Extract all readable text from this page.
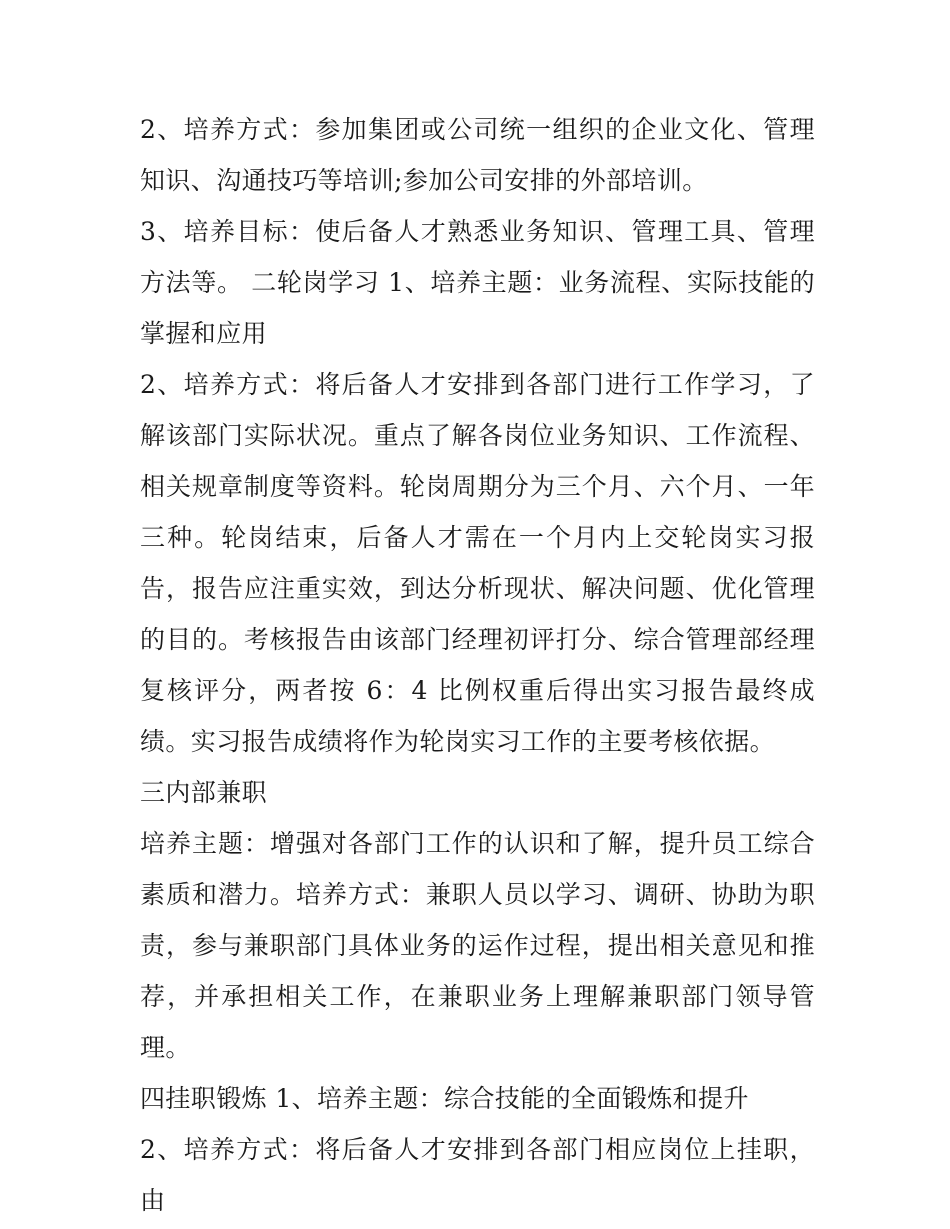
2、培养方式：参加集团或公司统一组织的企业文化、管理知识、沟通技巧等培训;参加公司安排的外部培训。

3、培养目标：使后备人才熟悉业务知识、管理工具、管理方法等。 二轮岗学习 1、培养主题：业务流程、实际技能的掌握和应用

2、培养方式：将后备人才安排到各部门进行工作学习，了解该部门实际状况。重点了解各岗位业务知识、工作流程、相关规章制度等资料。轮岗周期分为三个月、六个月、一年三种。轮岗结束，后备人才需在一个月内上交轮岗实习报告，报告应注重实效，到达分析现状、解决问题、优化管理的目的。考核报告由该部门经理初评打分、综合管理部经理复核评分，两者按 6：4 比例权重后得出实习报告最终成绩。实习报告成绩将作为轮岗实习工作的主要考核依据。

三内部兼职

培养主题：增强对各部门工作的认识和了解，提升员工综合素质和潜力。培养方式：兼职人员以学习、调研、协助为职责，参与兼职部门具体业务的运作过程，提出相关意见和推荐，并承担相关工作，在兼职业务上理解兼职部门领导管理。

四挂职锻炼 1、培养主题：综合技能的全面锻炼和提升

2、培养方式：将后备人才安排到各部门相应岗位上挂职，由
